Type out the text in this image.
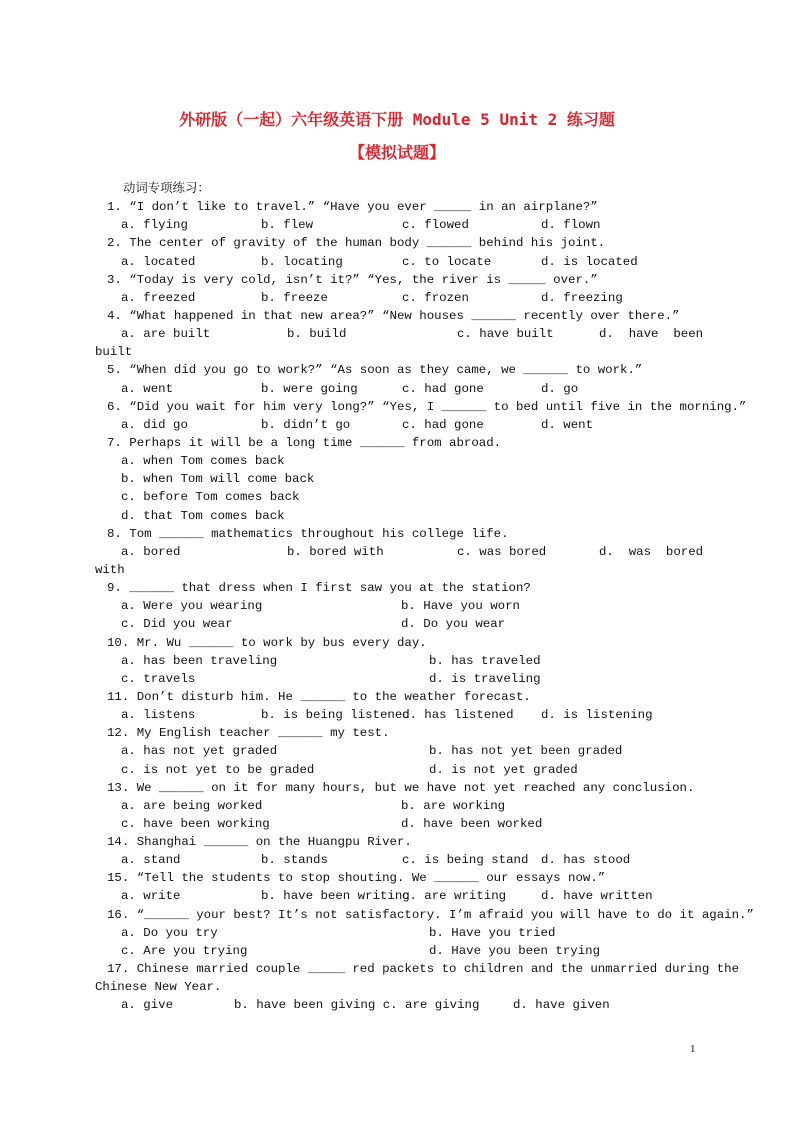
外研版（一起）六年级英语下册 Module 5 Unit 2 练习题
【模拟试题】
动词专项练习：
1. “I don’t like to travel.” “Have you ever _____ in an airplane?”
a. flying	b. flew	c. flowed	d. flown
2. The center of gravity of the human body ______ behind his joint.
a. located	b. locating	c. to locate	d. is located
3. “Today is very cold, isn’t it?” “Yes, the river is _____ over.”
a. freezed	b. freeze	c. frozen	d. freezing
4. “What happened in that new area?” “New houses ______ recently over there.”
a. are built	b. build	c. have built	d.  have  been
built
5. “When did you go to work?” “As soon as they came, we ______ to work.”
a. went	b. were going	c. had gone	d. go
6. “Did you wait for him very long?” “Yes, I ______ to bed until five in the morning.”
a. did go	b. didn’t go	c. had gone	d. went
7. Perhaps it will be a long time ______ from abroad.
a. when Tom comes back
b. when Tom will come back
c. before Tom comes back
d. that Tom comes back
8. Tom ______ mathematics throughout his college life.
a. bored	b. bored with	c. was bored	d.  was  bored
with
9. ______ that dress when I first saw you at the station?
a. Were you wearing	b. Have you worn
c. Did you wear	d. Do you wear
10. Mr. Wu ______ to work by bus every day.
a. has been traveling	b. has traveled
c. travels	d. is traveling
11. Don’t disturb him. He ______ to the weather forecast.
a. listens	b. is being listened
c. has listened d. is listening
12. My English teacher ______ my test.
a. has not yet graded	b. has not yet been graded
c. is not yet to be graded	d. is not yet graded
13. We ______ on it for many hours, but we have not yet reached any conclusion.
a. are being worked	b. are working
c. have been working	d. have been worked
14. Shanghai ______ on the Huangpu River.
a. stand	b. stands	c. is being stand d. has stood
15. “Tell the students to stop shouting. We ______ our essays now.”
a. write	b. have been writing
c. are writing	d. have written
16. “______ your best? It’s not satisfactory. I’m afraid you will have to do it again.”
a. Do you try	b. Have you tried
c. Are you trying	d. Have you been trying
17. Chinese married couple _____ red packets to children and the unmarried during the
Chinese New Year.
a. give	b. have been giving c. are giving	d. have given
1
